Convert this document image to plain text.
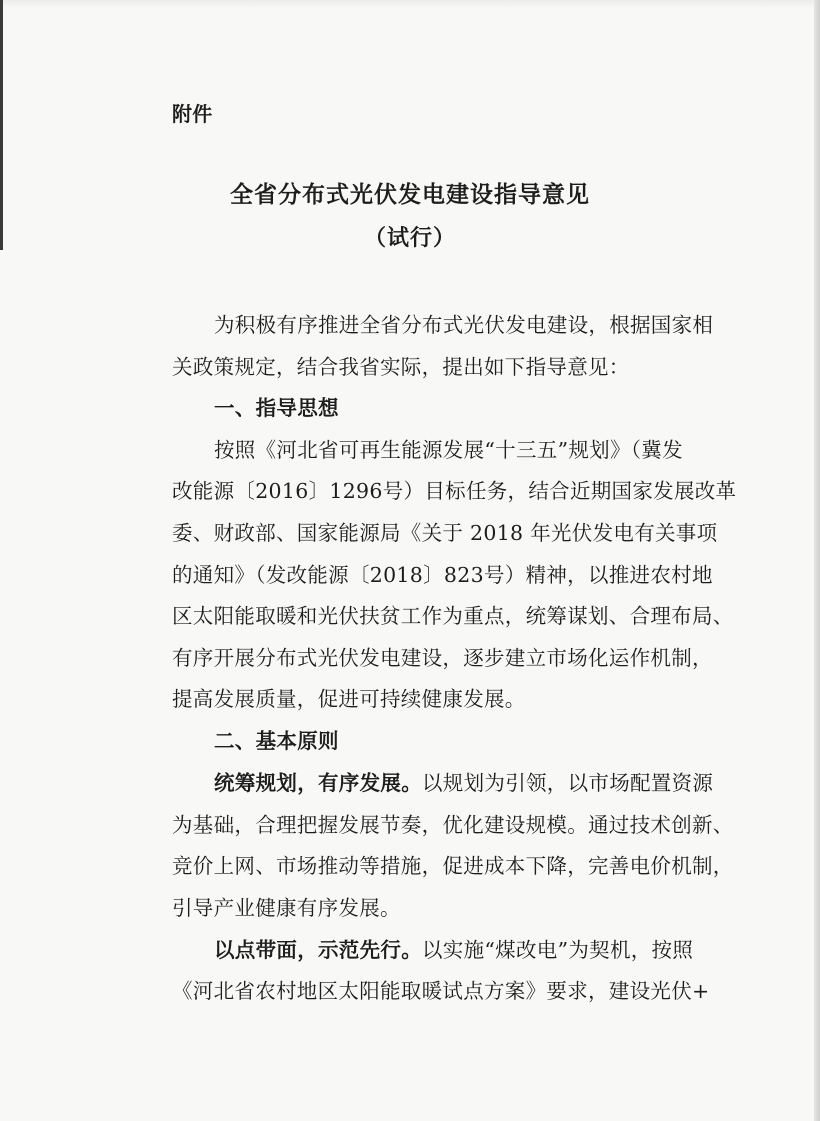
附件
全省分布式光伏发电建设指导意见
（试行）
为积极有序推进全省分布式光伏发电建设，根据国家相
关政策规定，结合我省实际，提出如下指导意见：
一、指导思想
按照《河北省可再生能源发展“十三五”规划》（冀发
改能源〔2016〕1296号）目标任务，结合近期国家发展改革
委、财政部、国家能源局《关于 2018 年光伏发电有关事项
的通知》（发改能源〔2018〕823号）精神，以推进农村地
区太阳能取暖和光伏扶贫工作为重点，统筹谋划、合理布局、
有序开展分布式光伏发电建设，逐步建立市场化运作机制，
提高发展质量，促进可持续健康发展。
二、基本原则
统筹规划，有序发展。以规划为引领，以市场配置资源
为基础，合理把握发展节奏，优化建设规模。通过技术创新、
竞价上网、市场推动等措施，促进成本下降，完善电价机制，
引导产业健康有序发展。
以点带面，示范先行。以实施“煤改电”为契机，按照
《河北省农村地区太阳能取暖试点方案》要求，建设光伏+
